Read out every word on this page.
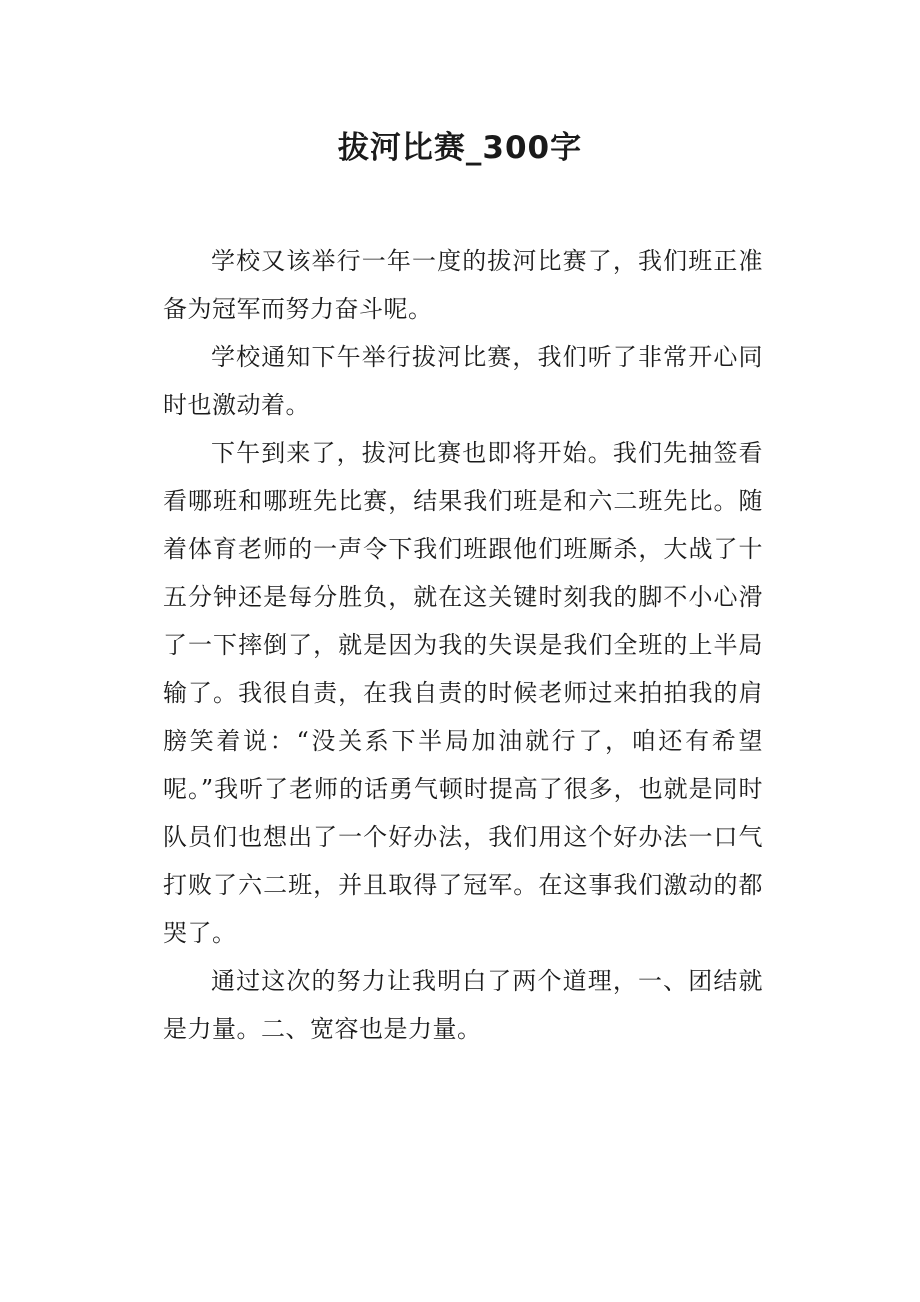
拔河比赛_300字

学校又该举行一年一度的拔河比赛了，我们班正准备为冠军而努力奋斗呢。

学校通知下午举行拔河比赛，我们听了非常开心同时也激动着。

下午到来了，拔河比赛也即将开始。我们先抽签看看哪班和哪班先比赛，结果我们班是和六二班先比。随着体育老师的一声令下我们班跟他们班厮杀，大战了十五分钟还是每分胜负，就在这关键时刻我的脚不小心滑了一下摔倒了，就是因为我的失误是我们全班的上半局输了。我很自责，在我自责的时候老师过来拍拍我的肩膀笑着说：“没关系下半局加油就行了，咱还有希望呢。”我听了老师的话勇气顿时提高了很多，也就是同时队员们也想出了一个好办法，我们用这个好办法一口气打败了六二班，并且取得了冠军。在这事我们激动的都哭了。

通过这次的努力让我明白了两个道理，一、团结就是力量。二、宽容也是力量。
